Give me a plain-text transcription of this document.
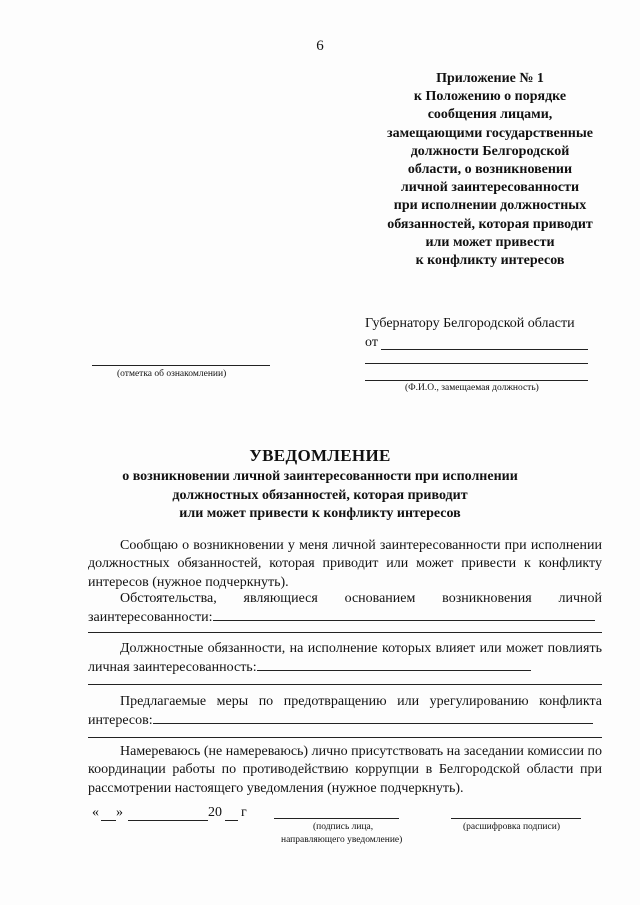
6
Приложение № 1
к Положению о порядке
сообщения лицами,
замещающими государственные
должности Белгородской
области, о возникновении
личной заинтересованности
при исполнении должностных
обязанностей, которая приводит
или может привести
к конфликту интересов
Губернатору Белгородской области
от
(Ф.И.О., замещаемая должность)
(отметка об ознакомлении)
УВЕДОМЛЕНИЕ
о возникновении личной заинтересованности при исполнении
должностных обязанностей, которая приводит
или может привести к конфликту интересов
Сообщаю о возникновении у меня личной заинтересованности при исполнении должностных обязанностей, которая приводит или может привести к конфликту интересов (нужное подчеркнуть).
Обстоятельства, являющиеся основанием возникновения личной заинтересованности:
Должностные обязанности, на исполнение которых влияет или может повлиять личная заинтересованность:
Предлагаемые меры по предотвращению или урегулированию конфликта интересов:
Намереваюсь (не намереваюсь) лично присутствовать на заседании комиссии по координации работы по противодействию коррупции в Белгородской области при рассмотрении настоящего уведомления (нужное подчеркнуть).
« »	20 г
(подпись лица,
направляющего уведомление)
(расшифровка подписи)
